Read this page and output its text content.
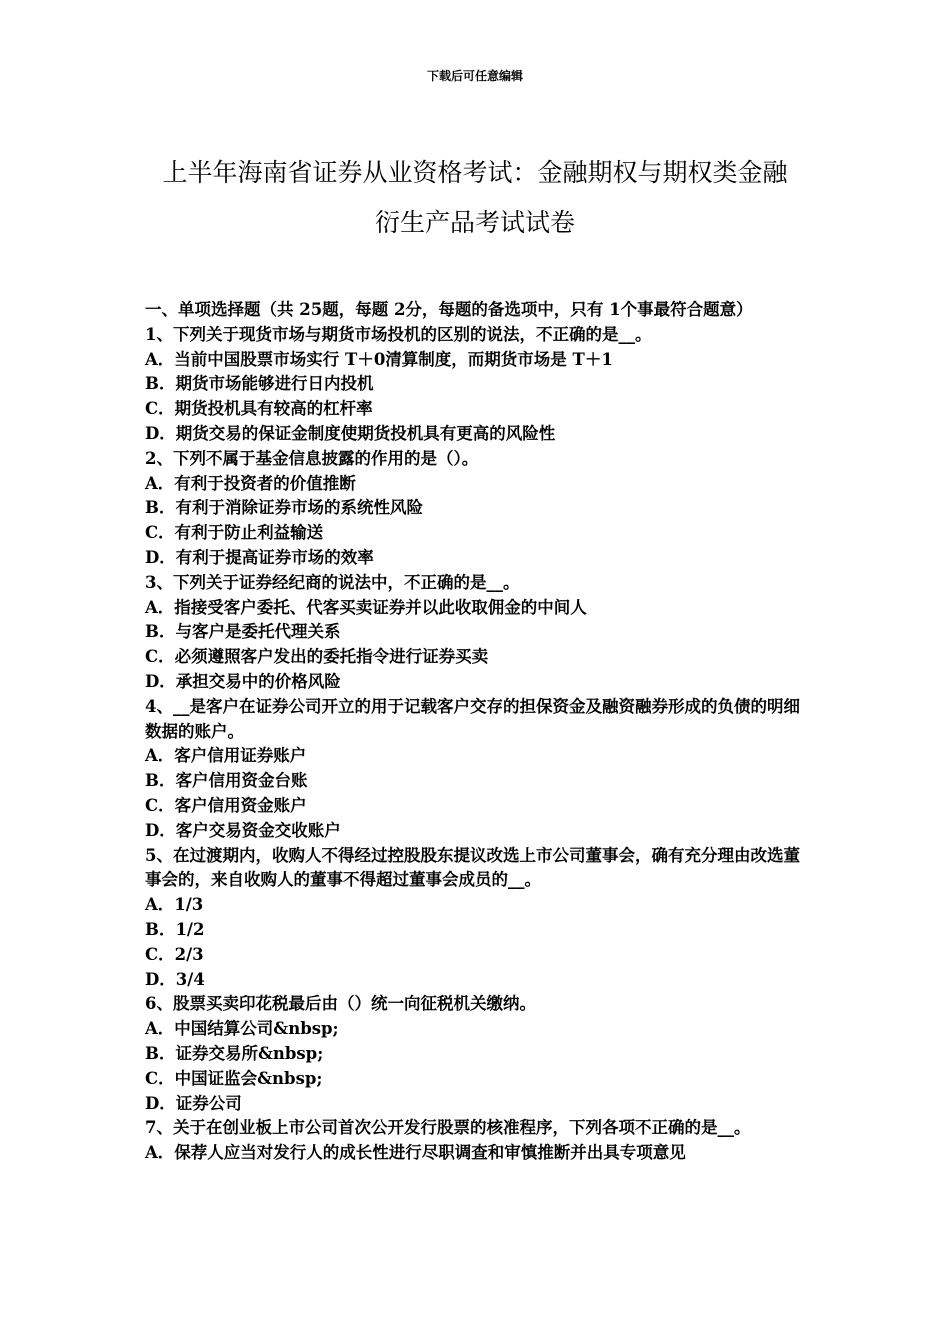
下载后可任意编辑
上半年海南省证券从业资格考试：金融期权与期权类金融
衍生产品考试试卷
一、单项选择题（共 25题，每题 2分，每题的备选项中，只有 1个事最符合题意）
1、下列关于现货市场与期货市场投机的区别的说法，不正确的是__。
A．当前中国股票市场实行 T＋0清算制度，而期货市场是 T＋1
B．期货市场能够进行日内投机
C．期货投机具有较高的杠杆率
D．期货交易的保证金制度使期货投机具有更高的风险性
2、下列不属于基金信息披露的作用的是（）。
A．有利于投资者的价值推断
B．有利于消除证券市场的系统性风险
C．有利于防止利益输送
D．有利于提高证券市场的效率
3、下列关于证券经纪商的说法中，不正确的是__。
A．指接受客户委托、代客买卖证券并以此收取佣金的中间人
B．与客户是委托代理关系
C．必须遵照客户发出的委托指令进行证券买卖
D．承担交易中的价格风险
4、__是客户在证券公司开立的用于记载客户交存的担保资金及融资融券形成的负债的明细数据的账户。
A．客户信用证券账户
B．客户信用资金台账
C．客户信用资金账户
D．客户交易资金交收账户
5、在过渡期内，收购人不得经过控股股东提议改选上市公司董事会，确有充分理由改选董事会的，来自收购人的董事不得超过董事会成员的__。
A．1/3
B．1/2
C．2/3
D．3/4
6、股票买卖印花税最后由（）统一向征税机关缴纳。
A．中国结算公司&nbsp;
B．证券交易所&nbsp;
C．中国证监会&nbsp;
D．证券公司
7、关于在创业板上市公司首次公开发行股票的核准程序，下列各项不正确的是__。
A．保荐人应当对发行人的成长性进行尽职调查和审慎推断并出具专项意见
